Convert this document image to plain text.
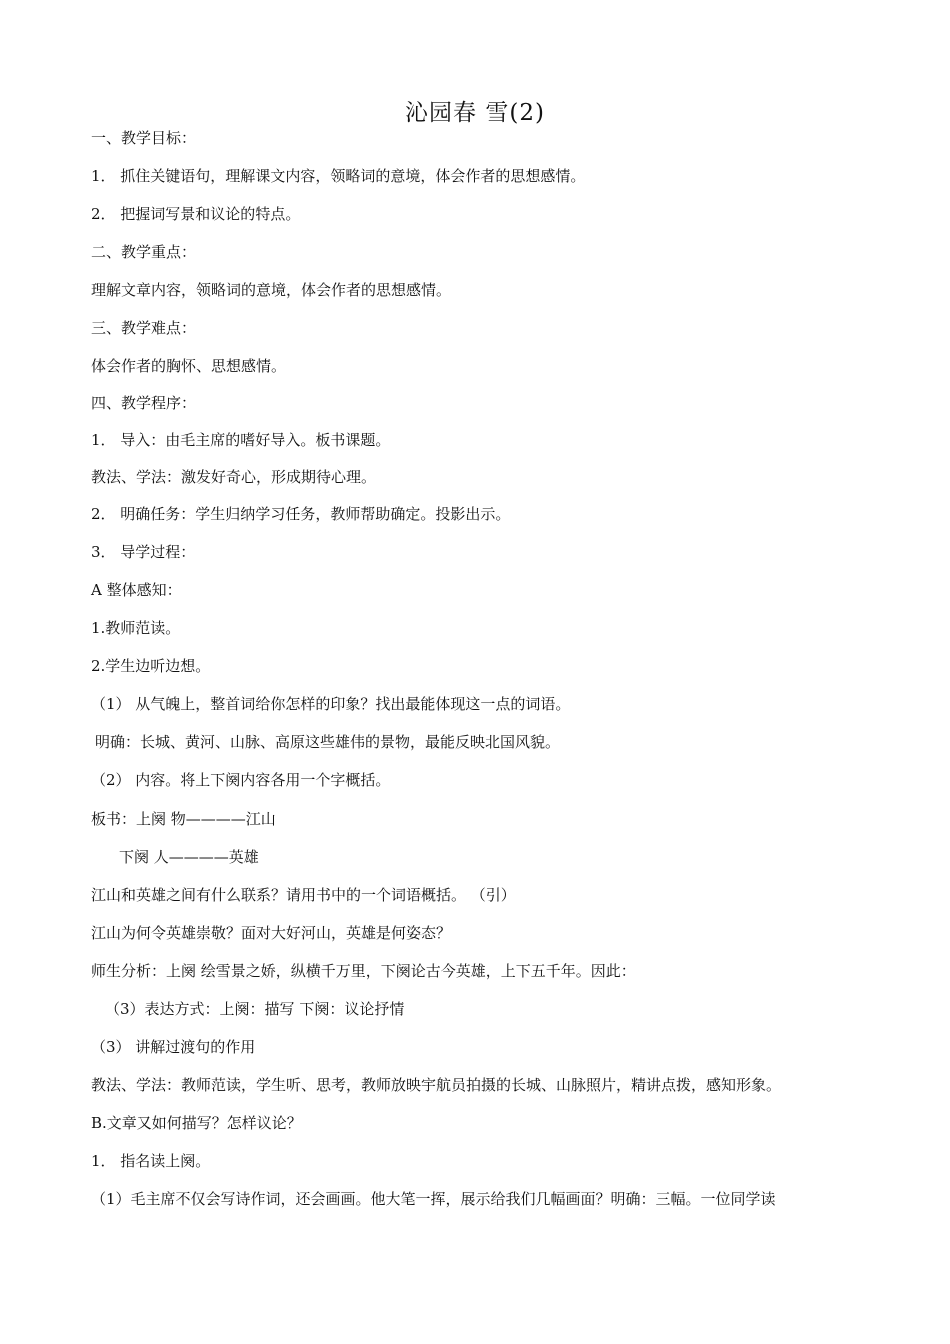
沁园春 雪(2)
一、教学目标：
1． 抓住关键语句，理解课文内容，领略词的意境，体会作者的思想感情。
2． 把握词写景和议论的特点。
二、教学重点：
理解文章内容，领略词的意境，体会作者的思想感情。
三、教学难点：
体会作者的胸怀、思想感情。
四、教学程序：
1． 导入：由毛主席的嗜好导入。板书课题。
教法、学法：激发好奇心，形成期待心理。
2． 明确任务：学生归纳学习任务，教师帮助确定。投影出示。
3． 导学过程：
A 整体感知：
1.教师范读。
2.学生边听边想。
（1） 从气魄上，整首词给你怎样的印象？找出最能体现这一点的词语。
明确：长城、黄河、山脉、高原这些雄伟的景物，最能反映北国风貌。
（2） 内容。将上下阕内容各用一个字概括。
板书：上阕 物————江山
下阕 人————英雄
江山和英雄之间有什么联系？请用书中的一个词语概括。 （引）
江山为何令英雄崇敬？面对大好河山，英雄是何姿态？
师生分析：上阕 绘雪景之娇，纵横千万里，下阕论古今英雄，上下五千年。因此：
（3）表达方式：上阕：描写 下阕：议论抒情
（3） 讲解过渡句的作用
教法、学法：教师范读，学生听、思考，教师放映宇航员拍摄的长城、山脉照片，精讲点拨，感知形象。
B.文章又如何描写？怎样议论？
1． 指名读上阕。
（1）毛主席不仅会写诗作词，还会画画。他大笔一挥，展示给我们几幅画面？明确：三幅。一位同学读
